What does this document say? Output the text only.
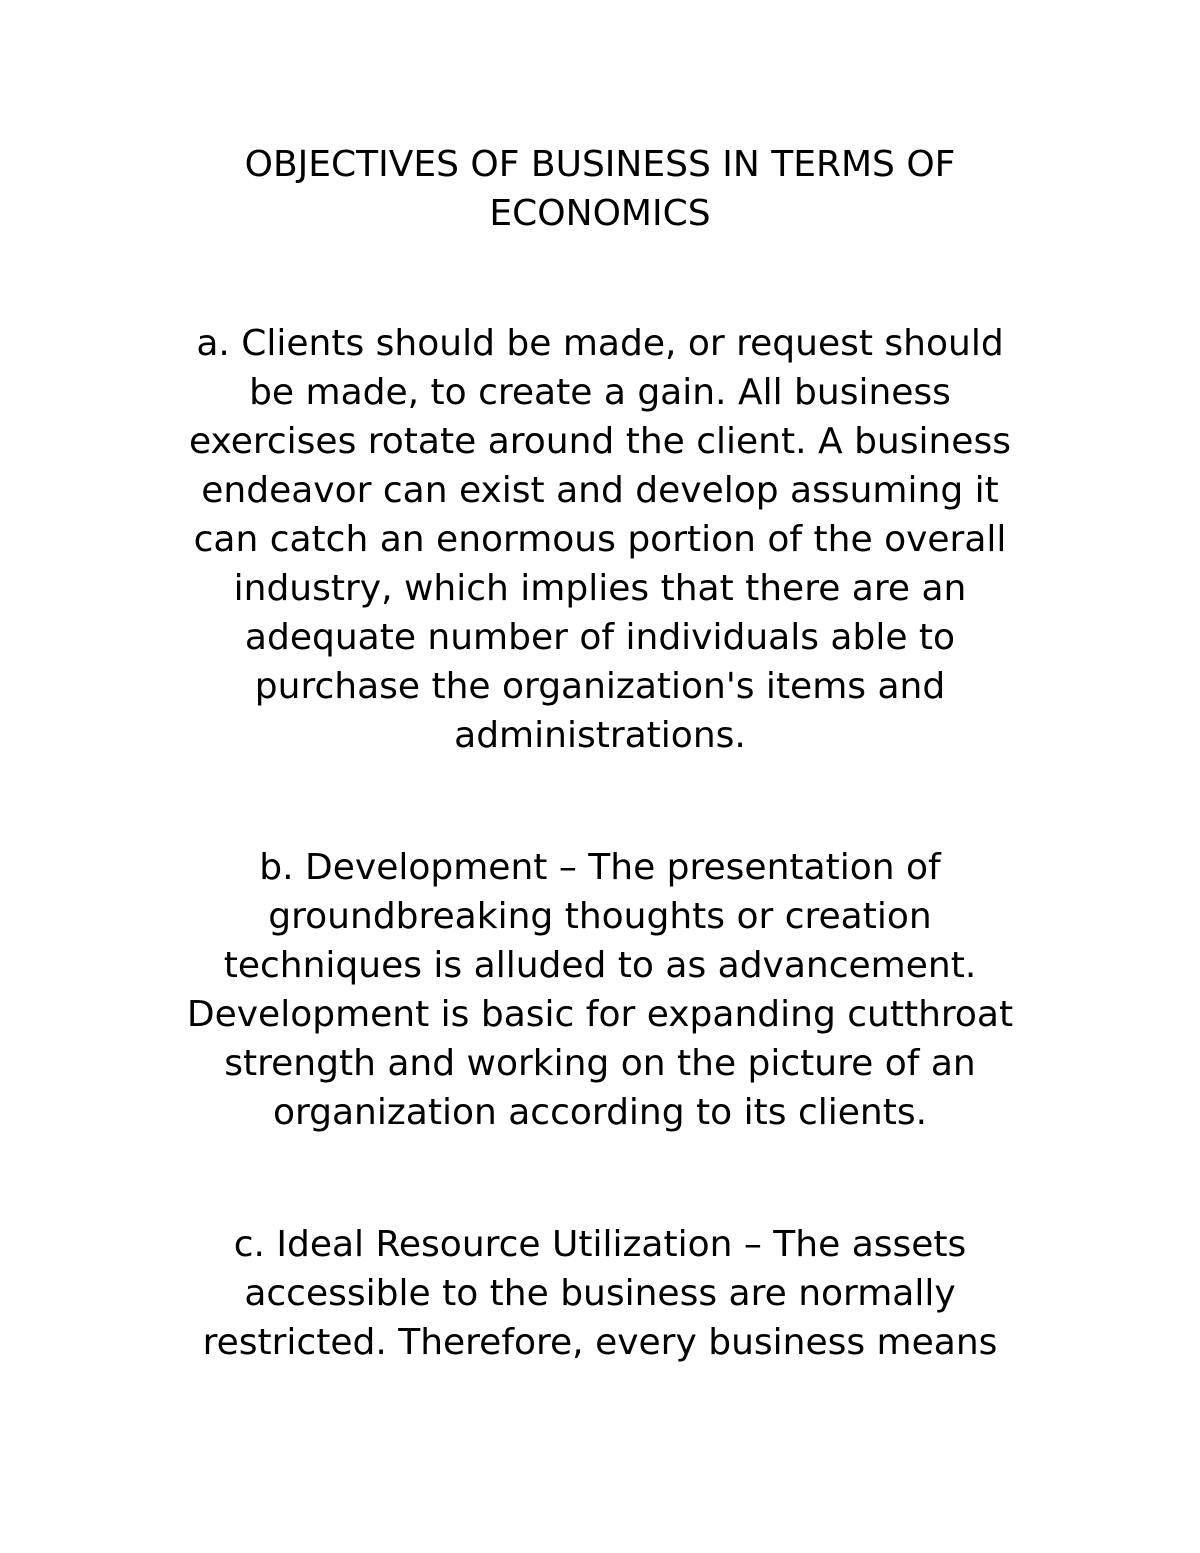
OBJECTIVES OF BUSINESS IN TERMS OF
ECONOMICS

a. Clients should be made, or request should
be made, to create a gain. All business
exercises rotate around the client. A business
endeavor can exist and develop assuming it
can catch an enormous portion of the overall
industry, which implies that there are an
adequate number of individuals able to
purchase the organization's items and
administrations.

b. Development – The presentation of
groundbreaking thoughts or creation
techniques is alluded to as advancement.
Development is basic for expanding cutthroat
strength and working on the picture of an
organization according to its clients.

c. Ideal Resource Utilization – The assets
accessible to the business are normally
restricted. Therefore, every business means
